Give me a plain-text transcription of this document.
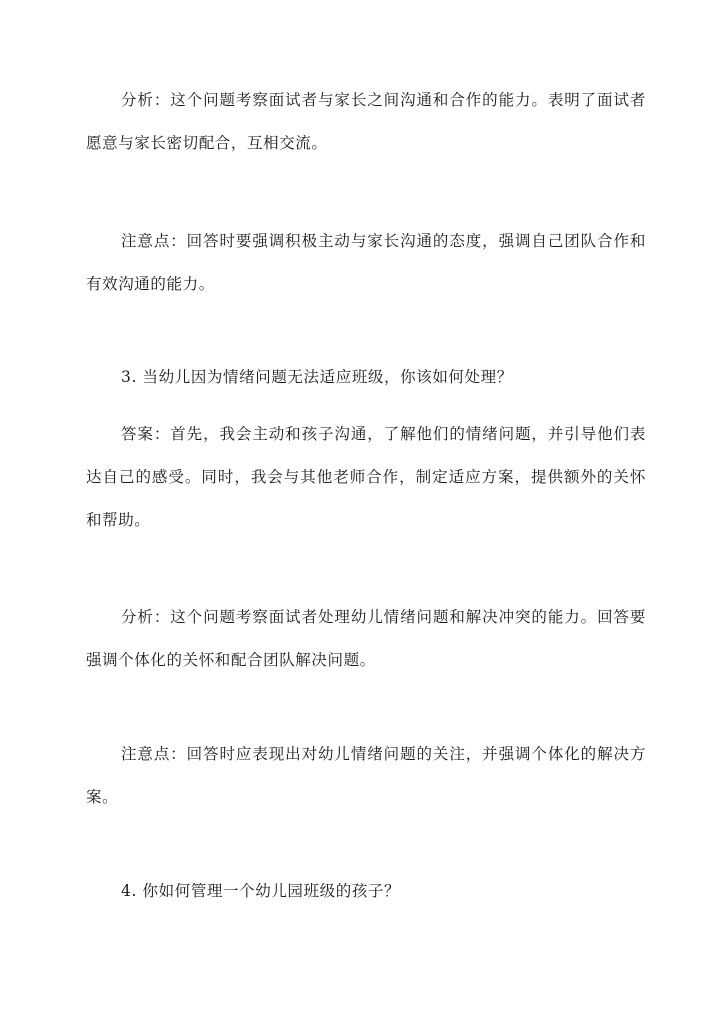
分析：这个问题考察面试者与家长之间沟通和合作的能力。表明了面试者愿意与家长密切配合，互相交流。

注意点：回答时要强调积极主动与家长沟通的态度，强调自己团队合作和有效沟通的能力。

3. 当幼儿因为情绪问题无法适应班级，你该如何处理？

答案：首先，我会主动和孩子沟通，了解他们的情绪问题，并引导他们表达自己的感受。同时，我会与其他老师合作，制定适应方案，提供额外的关怀和帮助。

分析：这个问题考察面试者处理幼儿情绪问题和解决冲突的能力。回答要强调个体化的关怀和配合团队解决问题。

注意点：回答时应表现出对幼儿情绪问题的关注，并强调个体化的解决方案。

4. 你如何管理一个幼儿园班级的孩子？
